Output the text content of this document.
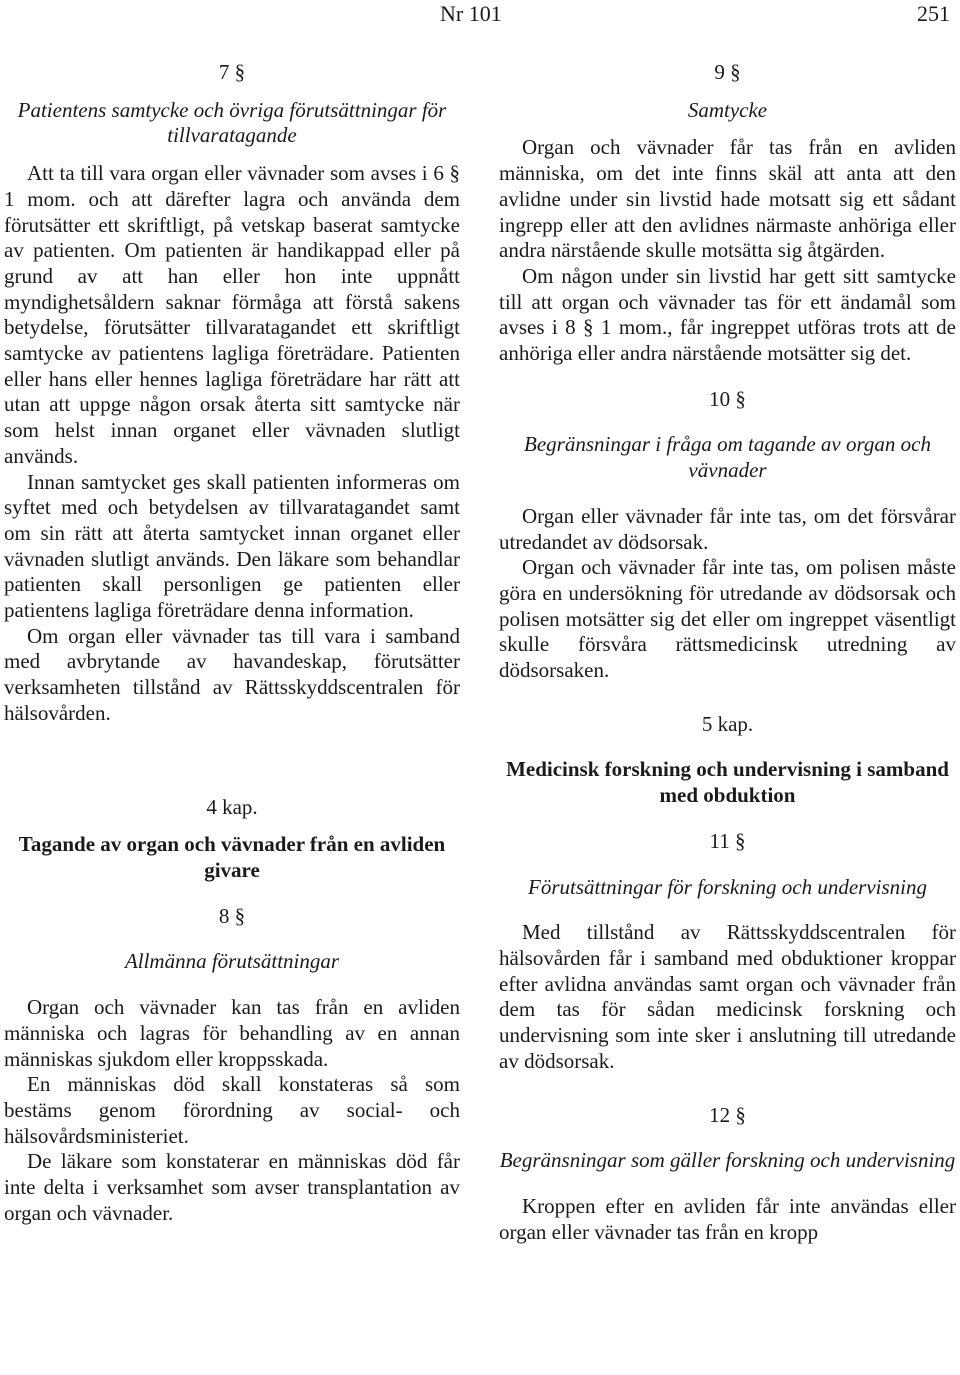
Nr 101	251
7 §
Patientens samtycke och övriga förutsättningar för tillvaratagande

Att ta till vara organ eller vävnader som avses i 6 § 1 mom. och att därefter lagra och använda dem förutsätter ett skriftligt, på vetskap baserat samtycke av patienten. Om patienten är handikappad eller på grund av att han eller hon inte uppnått myndighetsåldern saknar förmåga att förstå sakens betydelse, förutsätter tillvaratagandet ett skriftligt samtycke av patientens lagliga företrädare. Patienten eller hans eller hennes lagliga företrädare har rätt att utan att uppge någon orsak återta sitt samtycke när som helst innan organet eller vävnaden slutligt används.

Innan samtycket ges skall patienten informeras om syftet med och betydelsen av tillvaratagandet samt om sin rätt att återta samtycket innan organet eller vävnaden slutligt används. Den läkare som behandlar patienten skall personligen ge patienten eller patientens lagliga företrädare denna information.

Om organ eller vävnader tas till vara i samband med avbrytande av havandeskap, förutsätter verksamheten tillstånd av Rättsskyddscentralen för hälsovården.

4 kap.
Tagande av organ och vävnader från en avliden givare
8 §
Allmänna förutsättningar

Organ och vävnader kan tas från en avliden människa och lagras för behandling av en annan människas sjukdom eller kroppsskada.

En människas död skall konstateras så som bestäms genom förordning av social- och hälsovårdsministeriet.

De läkare som konstaterar en människas död får inte delta i verksamhet som avser transplantation av organ och vävnader.

9 §
Samtycke

Organ och vävnader får tas från en avliden människa, om det inte finns skäl att anta att den avlidne under sin livstid hade motsatt sig ett sådant ingrepp eller att den avlidnes närmaste anhöriga eller andra närstående skulle motsätta sig åtgärden.

Om någon under sin livstid har gett sitt samtycke till att organ och vävnader tas för ett ändamål som avses i 8 § 1 mom., får ingreppet utföras trots att de anhöriga eller andra närstående motsätter sig det.

10 §
Begränsningar i fråga om tagande av organ och vävnader

Organ eller vävnader får inte tas, om det försvårar utredandet av dödsorsak.

Organ och vävnader får inte tas, om polisen måste göra en undersökning för utredande av dödsorsak och polisen motsätter sig det eller om ingreppet väsentligt skulle försvåra rättsmedicinsk utredning av dödsorsaken.

5 kap.
Medicinsk forskning och undervisning i samband med obduktion
11 §
Förutsättningar för forskning och undervisning

Med tillstånd av Rättsskyddscentralen för hälsovården får i samband med obduktioner kroppar efter avlidna användas samt organ och vävnader från dem tas för sådan medicinsk forskning och undervisning som inte sker i anslutning till utredande av dödsorsak.

12 §
Begränsningar som gäller forskning och undervisning

Kroppen efter en avliden får inte användas eller organ eller vävnader tas från en kropp
